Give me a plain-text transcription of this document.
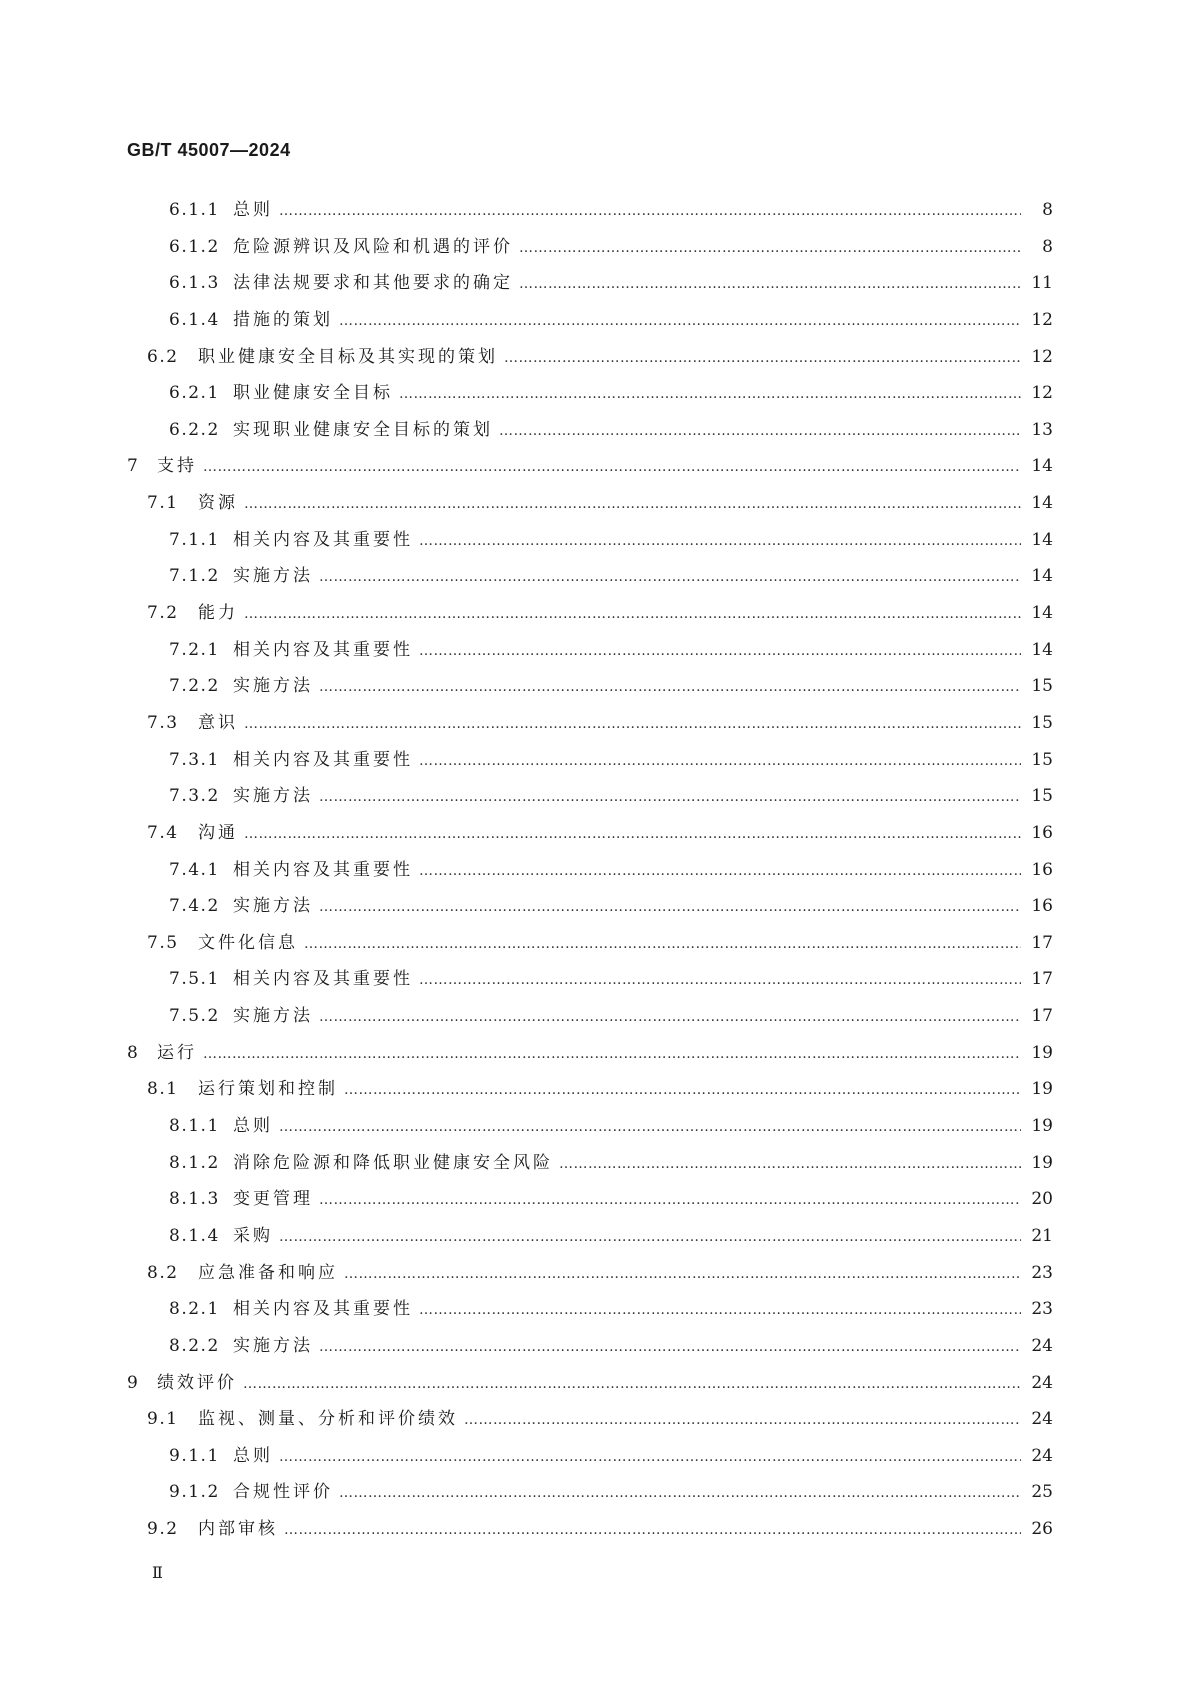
GB/T 45007—2024
6.1.1 总则 …………………………………………………………………………………………………………………………………………………………………………………………………………………………………………………	8
6.1.2 危险源辨识及风险和机遇的评价 …………………………………………………………………………………………………………………………………………………………………………………………………………………………………………………	8
6.1.3 法律法规要求和其他要求的确定 …………………………………………………………………………………………………………………………………………………………………………………………………………………………………………………	11
6.1.4 措施的策划 …………………………………………………………………………………………………………………………………………………………………………………………………………………………………………………	12
6.2	职业健康安全目标及其实现的策划 …………………………………………………………………………………………………………………………………………………………………………………………………………………………………………………	12
6.2.1 职业健康安全目标 …………………………………………………………………………………………………………………………………………………………………………………………………………………………………………………	12
6.2.2 实现职业健康安全目标的策划 …………………………………………………………………………………………………………………………………………………………………………………………………………………………………………………	13
7	支持 …………………………………………………………………………………………………………………………………………………………………………………………………………………………………………………	14
7.1	资源 …………………………………………………………………………………………………………………………………………………………………………………………………………………………………………………	14
7.1.1 相关内容及其重要性 …………………………………………………………………………………………………………………………………………………………………………………………………………………………………………………	14
7.1.2 实施方法 …………………………………………………………………………………………………………………………………………………………………………………………………………………………………………………	14
7.2	能力 …………………………………………………………………………………………………………………………………………………………………………………………………………………………………………………	14
7.2.1 相关内容及其重要性 …………………………………………………………………………………………………………………………………………………………………………………………………………………………………………………	14
7.2.2 实施方法 …………………………………………………………………………………………………………………………………………………………………………………………………………………………………………………	15
7.3	意识 …………………………………………………………………………………………………………………………………………………………………………………………………………………………………………………	15
7.3.1 相关内容及其重要性 …………………………………………………………………………………………………………………………………………………………………………………………………………………………………………………	15
7.3.2 实施方法 …………………………………………………………………………………………………………………………………………………………………………………………………………………………………………………	15
7.4	沟通 …………………………………………………………………………………………………………………………………………………………………………………………………………………………………………………	16
7.4.1 相关内容及其重要性 …………………………………………………………………………………………………………………………………………………………………………………………………………………………………………………	16
7.4.2 实施方法 …………………………………………………………………………………………………………………………………………………………………………………………………………………………………………………	16
7.5	文件化信息 …………………………………………………………………………………………………………………………………………………………………………………………………………………………………………………	17
7.5.1 相关内容及其重要性 …………………………………………………………………………………………………………………………………………………………………………………………………………………………………………………	17
7.5.2 实施方法 …………………………………………………………………………………………………………………………………………………………………………………………………………………………………………………	17
8	运行 …………………………………………………………………………………………………………………………………………………………………………………………………………………………………………………	19
8.1	运行策划和控制 …………………………………………………………………………………………………………………………………………………………………………………………………………………………………………………	19
8.1.1 总则 …………………………………………………………………………………………………………………………………………………………………………………………………………………………………………………	19
8.1.2 消除危险源和降低职业健康安全风险 …………………………………………………………………………………………………………………………………………………………………………………………………………………………………………………	19
8.1.3 变更管理 …………………………………………………………………………………………………………………………………………………………………………………………………………………………………………………	20
8.1.4 采购 …………………………………………………………………………………………………………………………………………………………………………………………………………………………………………………	21
8.2	应急准备和响应 …………………………………………………………………………………………………………………………………………………………………………………………………………………………………………………	23
8.2.1 相关内容及其重要性 …………………………………………………………………………………………………………………………………………………………………………………………………………………………………………………	23
8.2.2 实施方法 …………………………………………………………………………………………………………………………………………………………………………………………………………………………………………………	24
9	绩效评价 …………………………………………………………………………………………………………………………………………………………………………………………………………………………………………………	24
9.1	监视、测量、分析和评价绩效 …………………………………………………………………………………………………………………………………………………………………………………………………………………………………………………	24
9.1.1 总则 …………………………………………………………………………………………………………………………………………………………………………………………………………………………………………………	24
9.1.2 合规性评价 …………………………………………………………………………………………………………………………………………………………………………………………………………………………………………………	25
9.2	内部审核 …………………………………………………………………………………………………………………………………………………………………………………………………………………………………………………	26
Ⅱ
